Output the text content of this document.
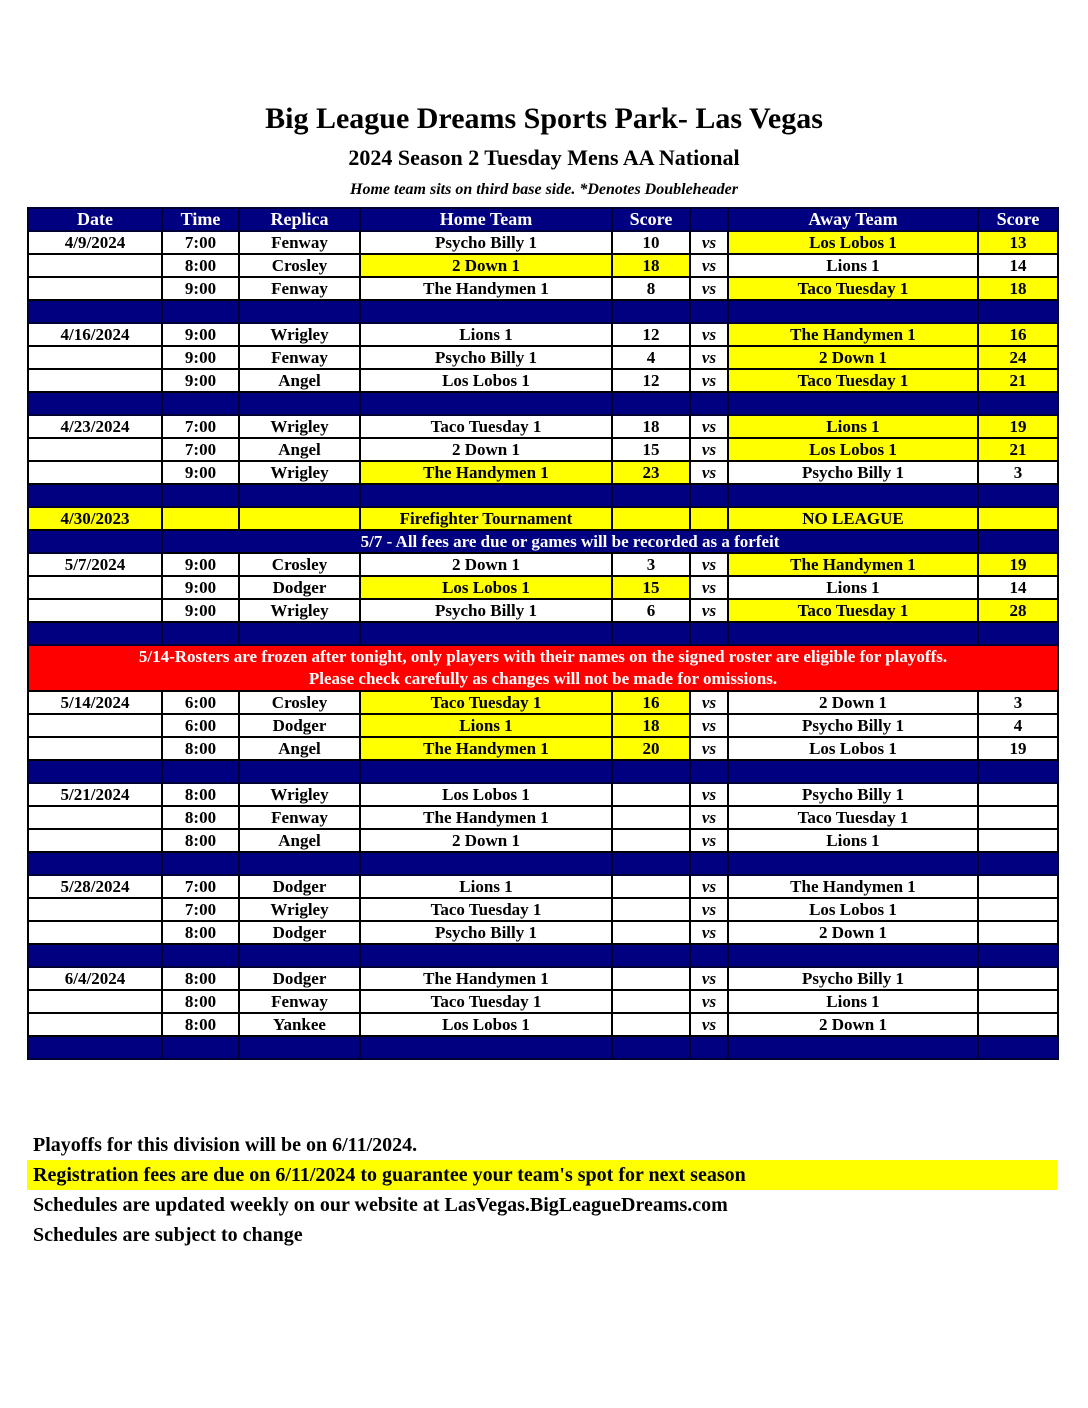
Big League Dreams Sports Park- Las Vegas
2024 Season 2 Tuesday Mens AA National
Home team sits on third base side. *Denotes Doubleheader
Date	Time	Replica	Home Team	Score		Away Team	Score
4/9/2024	7:00	Fenway	Psycho Billy 1	10	vs	Los Lobos 1	13
	8:00	Crosley	2 Down 1	18	vs	Lions 1	14
	9:00	Fenway	The Handymen 1	8	vs	Taco Tuesday 1	18

4/16/2024	9:00	Wrigley	Lions 1	12	vs	The Handymen 1	16
	9:00	Fenway	Psycho Billy 1	4	vs	2 Down 1	24
	9:00	Angel	Los Lobos 1	12	vs	Taco Tuesday 1	21

4/23/2024	7:00	Wrigley	Taco Tuesday 1	18	vs	Lions 1	19
	7:00	Angel	2 Down 1	15	vs	Los Lobos 1	21
	9:00	Wrigley	The Handymen 1	23	vs	Psycho Billy 1	3

4/30/2023			Firefighter Tournament			NO LEAGUE	
	5/7 - All fees are due or games will be recorded as a forfeit						
5/7/2024	9:00	Crosley	2 Down 1	3	vs	The Handymen 1	19
	9:00	Dodger	Los Lobos 1	15	vs	Lions 1	14
	9:00	Wrigley	Psycho Billy 1	6	vs	Taco Tuesday 1	28

5/14-Rosters are frozen after tonight, only players with their names on the signed roster are eligible for playoffs.
Please check carefully as changes will not be made for omissions.							

5/14/2024	6:00	Crosley	Taco Tuesday 1	16	vs	2 Down 1	3
	6:00	Dodger	Lions 1	18	vs	Psycho Billy 1	4
	8:00	Angel	The Handymen 1	20	vs	Los Lobos 1	19

5/21/2024	8:00	Wrigley	Los Lobos 1		vs	Psycho Billy 1	
	8:00	Fenway	The Handymen 1		vs	Taco Tuesday 1	
	8:00	Angel	2 Down 1		vs	Lions 1	

5/28/2024	7:00	Dodger	Lions 1		vs	The Handymen 1	
	7:00	Wrigley	Taco Tuesday 1		vs	Los Lobos 1	
	8:00	Dodger	Psycho Billy 1		vs	2 Down 1	

6/4/2024	8:00	Dodger	The Handymen 1		vs	Psycho Billy 1	
	8:00	Fenway	Taco Tuesday 1		vs	Lions 1	
	8:00	Yankee	Los Lobos 1		vs	2 Down 1	

Playoffs for this division will be on 6/11/2024.
Registration fees are due on 6/11/2024 to guarantee your team's spot for next season
Schedules are updated weekly on our website at LasVegas.BigLeagueDreams.com
Schedules are subject to change
